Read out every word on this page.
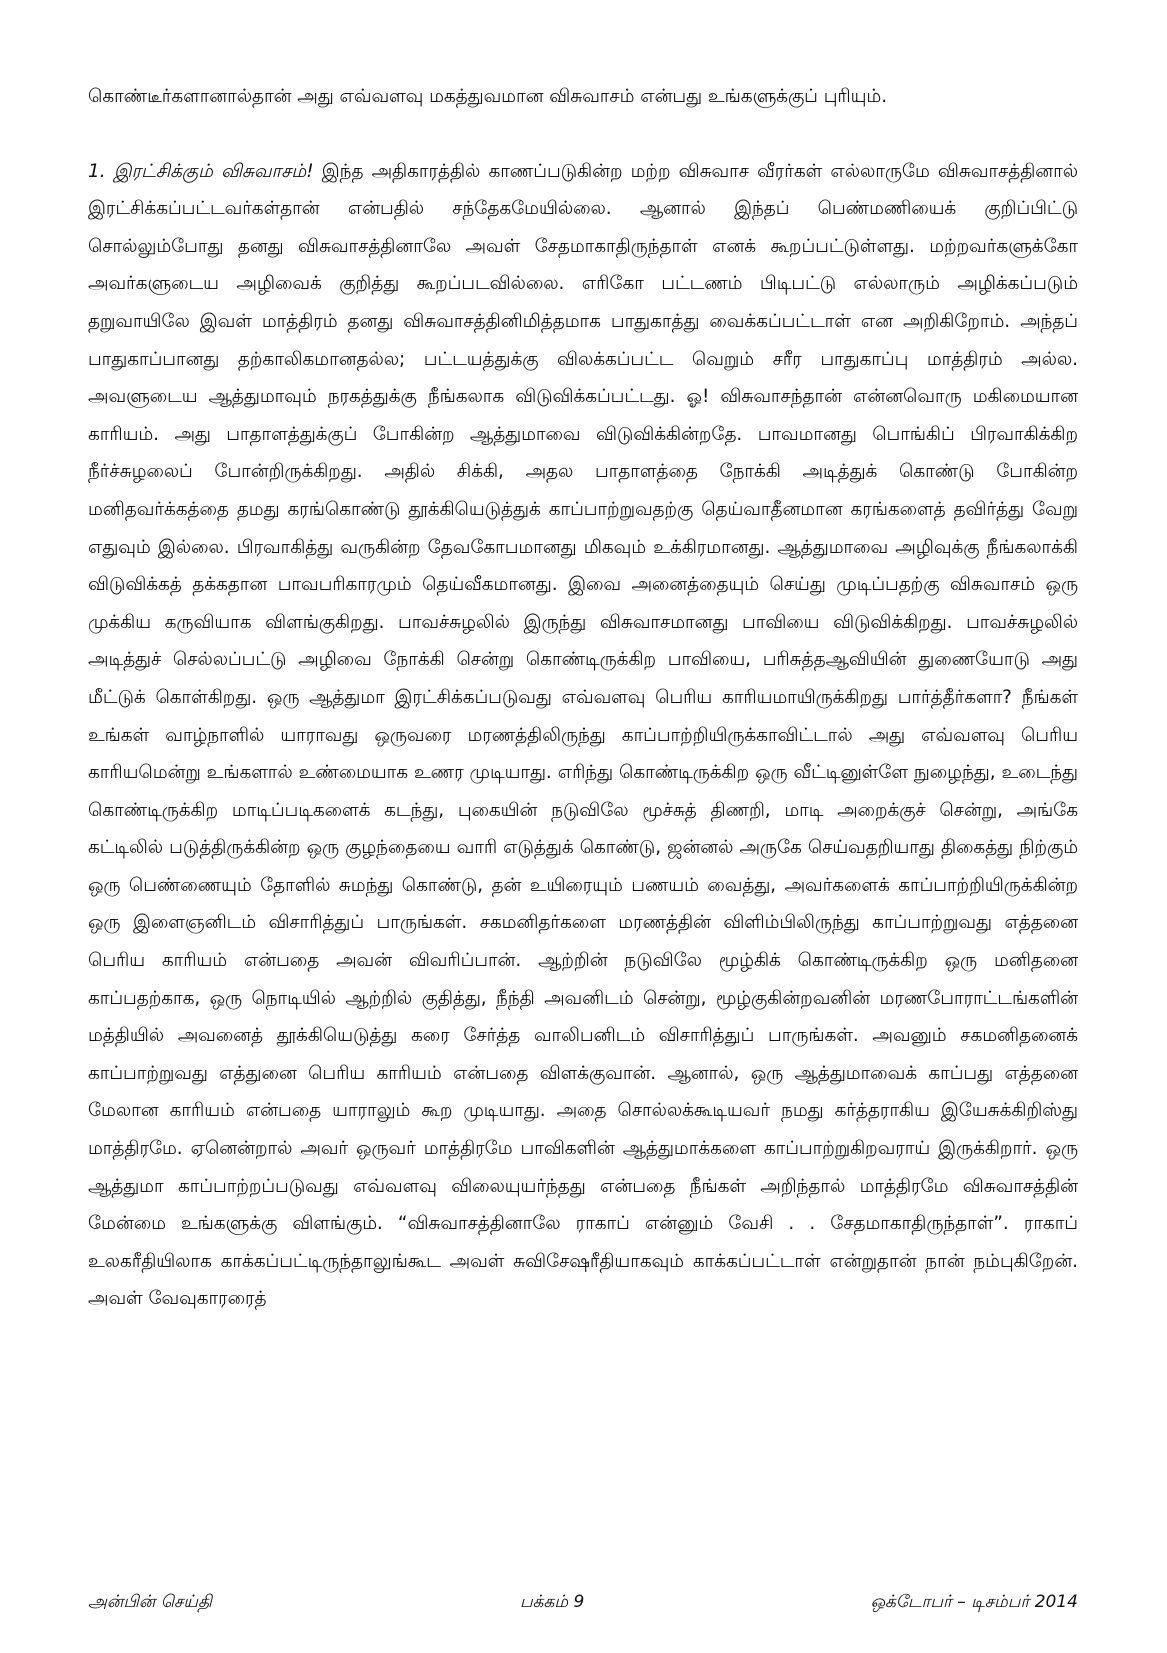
கொண்டீர்களானால்தான் அது எவ்வளவு மகத்துவமான விசுவாசம் என்பது உங்களுக்குப் புரியும்.

1. இரட்சிக்கும் விசுவாசம்! இந்த அதிகாரத்தில் காணப்படுகின்ற மற்ற விசுவாச வீரர்கள் எல்லாருமே விசுவாசத்தினால் இரட்சிக்கப்பட்டவர்கள்தான் என்பதில் சந்தேகமேயில்லை. ஆனால் இந்தப் பெண்மணியைக் குறிப்பிட்டு சொல்லும்போது தனது விசுவாசத்தினாலே அவள் சேதமாகாதிருந்தாள் எனக் கூறப்பட்டுள்ளது. மற்றவர்களுக்கோ அவர்களுடைய அழிவைக் குறித்து கூறப்படவில்லை. எரிகோ பட்டணம் பிடிபட்டு எல்லாரும் அழிக்கப்படும் தறுவாயிலே இவள் மாத்திரம் தனது விசுவாசத்தினிமித்தமாக பாதுகாத்து வைக்கப்பட்டாள் என அறிகிறோம். அந்தப் பாதுகாப்பானது தற்காலிகமானதல்ல; பட்டயத்துக்கு விலக்கப்பட்ட வெறும் சரீர பாதுகாப்பு மாத்திரம் அல்ல. அவளுடைய ஆத்துமாவும் நரகத்துக்கு நீங்கலாக விடுவிக்கப்பட்டது. ஓ! விசுவாசந்தான் என்னவொரு மகிமையான காரியம். அது பாதாளத்துக்குப் போகின்ற ஆத்துமாவை விடுவிக்கின்றதே. பாவமானது பொங்கிப் பிரவாகிக்கிற நீர்ச்சுழலைப் போன்றிருக்கிறது. அதில் சிக்கி, அதல பாதாளத்தை நோக்கி அடித்துக் கொண்டு போகின்ற மனிதவர்க்கத்தை தமது கரங்கொண்டு தூக்கியெடுத்துக் காப்பாற்றுவதற்கு தெய்வாதீனமான கரங்களைத் தவிர்த்து வேறு எதுவும் இல்லை. பிரவாகித்து வருகின்ற தேவகோபமானது மிகவும் உக்கிரமானது. ஆத்துமாவை அழிவுக்கு நீங்கலாக்கி விடுவிக்கத் தக்கதான பாவபரிகாரமும் தெய்வீகமானது. இவை அனைத்தையும் செய்து முடிப்பதற்கு விசுவாசம் ஒரு முக்கிய கருவியாக விளங்குகிறது. பாவச்சுழலில் இருந்து விசுவாசமானது பாவியை விடுவிக்கிறது. பாவச்சுழலில் அடித்துச் செல்லப்பட்டு அழிவை நோக்கி சென்று கொண்டிருக்கிற பாவியை, பரிசுத்தஆவியின் துணையோடு அது மீட்டுக் கொள்கிறது. ஒரு ஆத்துமா இரட்சிக்கப்படுவது எவ்வளவு பெரிய காரியமாயிருக்கிறது பார்த்தீர்களா? நீங்கள் உங்கள் வாழ்நாளில் யாராவது ஒருவரை மரணத்திலிருந்து காப்பாற்றியிருக்காவிட்டால் அது எவ்வளவு பெரிய காரியமென்று உங்களால் உண்மையாக உணர முடியாது. எரிந்து கொண்டிருக்கிற ஒரு வீட்டினுள்ளே நுழைந்து, உடைந்து கொண்டிருக்கிற மாடிப்படிகளைக் கடந்து, புகையின் நடுவிலே மூச்சுத் திணறி, மாடி அறைக்குச் சென்று, அங்கே கட்டிலில் படுத்திருக்கின்ற ஒரு குழந்தையை வாரி எடுத்துக் கொண்டு, ஜன்னல் அருகே செய்வதறியாது திகைத்து நிற்கும் ஒரு பெண்ணையும் தோளில் சுமந்து கொண்டு, தன் உயிரையும் பணயம் வைத்து, அவர்களைக் காப்பாற்றியிருக்கின்ற ஒரு இளைஞனிடம் விசாரித்துப் பாருங்கள். சகமனிதர்களை மரணத்தின் விளிம்பிலிருந்து காப்பாற்றுவது எத்தனை பெரிய காரியம் என்பதை அவன் விவரிப்பான். ஆற்றின் நடுவிலே மூழ்கிக் கொண்டிருக்கிற ஒரு மனிதனை காப்பதற்காக, ஒரு நொடியில் ஆற்றில் குதித்து, நீந்தி அவனிடம் சென்று, மூழ்குகின்றவனின் மரணபோராட்டங்களின் மத்தியில் அவனைத் தூக்கியெடுத்து கரை சேர்த்த வாலிபனிடம் விசாரித்துப் பாருங்கள். அவனும் சகமனிதனைக் காப்பாற்றுவது எத்துனை பெரிய காரியம் என்பதை விளக்குவான். ஆனால், ஒரு ஆத்துமாவைக் காப்பது எத்தனை மேலான காரியம் என்பதை யாராலும் கூற முடியாது. அதை சொல்லக்கூடியவர் நமது கர்த்தராகிய இயேசுக்கிறிஸ்து மாத்திரமே. ஏனென்றால் அவர் ஒருவர் மாத்திரமே பாவிகளின் ஆத்துமாக்களை காப்பாற்றுகிறவராய் இருக்கிறார். ஒரு ஆத்துமா காப்பாற்றப்படுவது எவ்வளவு விலையுயர்ந்தது என்பதை நீங்கள் அறிந்தால் மாத்திரமே விசுவாசத்தின் மேன்மை உங்களுக்கு விளங்கும். “விசுவாசத்தினாலே ராகாப் என்னும் வேசி . . சேதமாகாதிருந்தாள்”. ராகாப் உலகரீதியிலாக காக்கப்பட்டிருந்தாலுங்கூட அவள் சுவிசேஷரீதியாகவும் காக்கப்பட்டாள் என்றுதான் நான் நம்புகிறேன். அவள் வேவுகாரரைத்

அன்பின் செய்தி	பக்கம் 9	ஒக்டோபர் – டிசம்பர் 2014
